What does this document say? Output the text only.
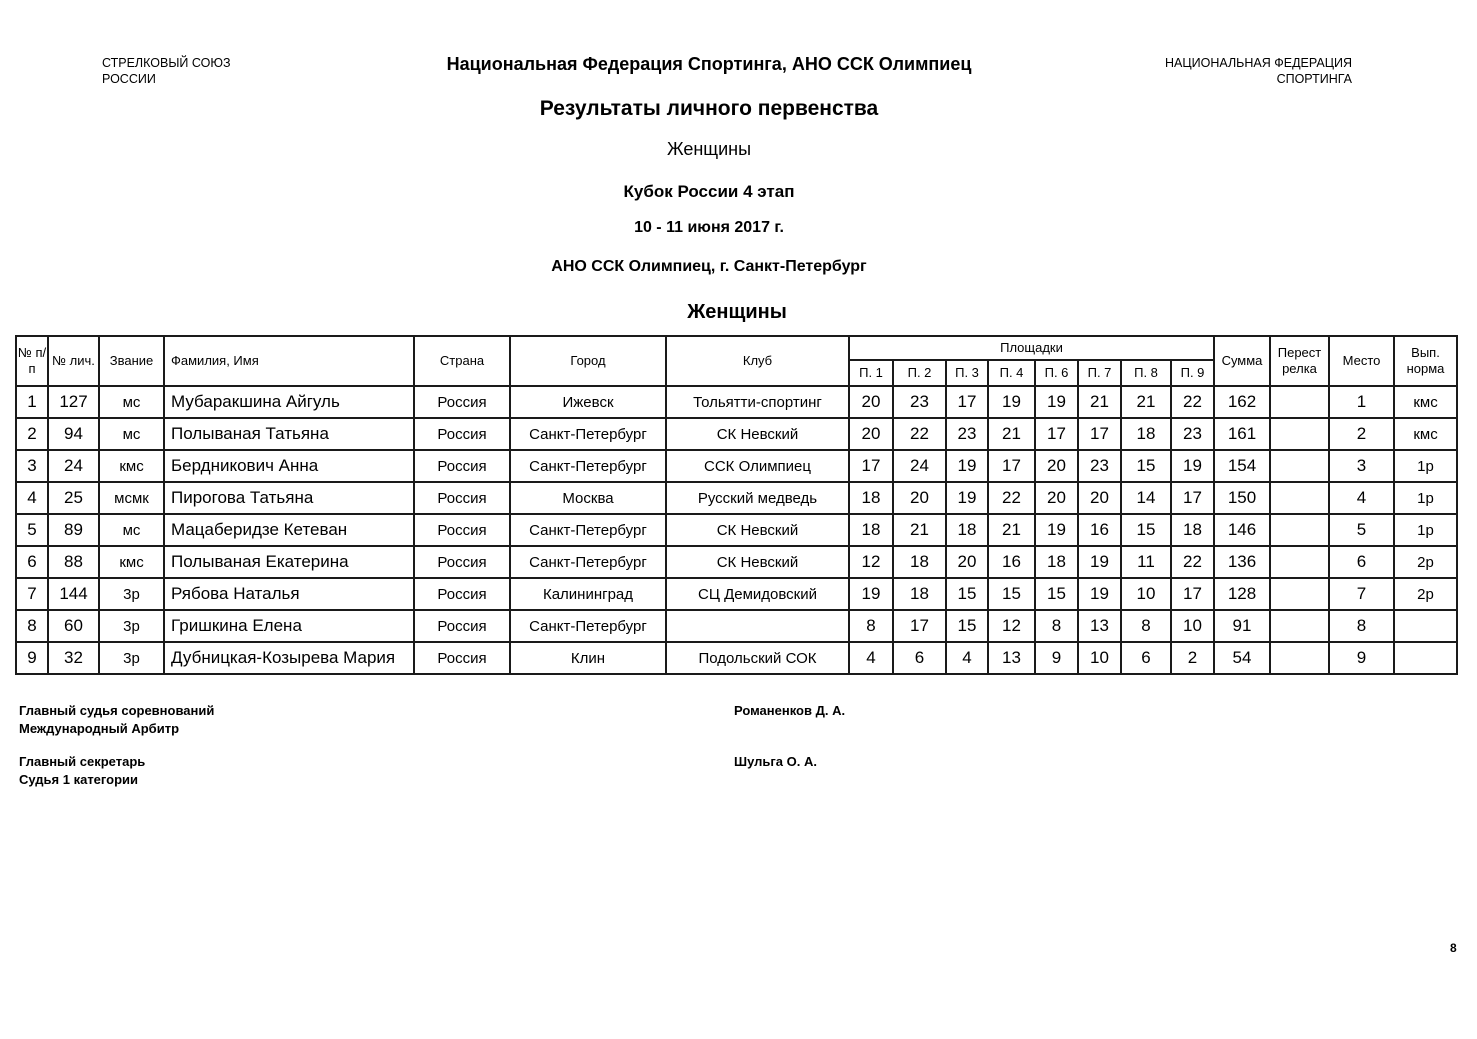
СТРЕЛКОВЫЙ СОЮЗ
РОССИИ
НАЦИОНАЛЬНАЯ ФЕДЕРАЦИЯ
СПОРТИНГА
Национальная Федерация Спортинга, АНО ССК Олимпиец
Результаты личного первенства
Женщины
Кубок России 4 этап
10 - 11 июня 2017 г.
АНО ССК Олимпиец, г. Санкт-Петербург
Женщины
№ п/п	№ лич.	Звание	Фамилия, Имя	Страна	Город	Клуб	Площадки								Сумма	Перест релка	Место	Вып. норма
							П. 1	П. 2	П. 3	П. 4	П. 6	П. 7	П. 8	П. 9				
1	127	мс	Мубаракшина Айгуль	Россия	Ижевск	Тольятти-спортинг	20	23	17	19	19	21	21	22	162		1	кмс
2	94	мс	Полываная Татьяна	Россия	Санкт-Петербург	СК Невский	20	22	23	21	17	17	18	23	161		2	кмс
3	24	кмс	Бердникович Анна	Россия	Санкт-Петербург	ССК Олимпиец	17	24	19	17	20	23	15	19	154		3	1р
4	25	мсмк	Пирогова Татьяна	Россия	Москва	Русский медведь	18	20	19	22	20	20	14	17	150		4	1р
5	89	мс	Мацаберидзе Кетеван	Россия	Санкт-Петербург	СК Невский	18	21	18	21	19	16	15	18	146		5	1р
6	88	кмс	Полываная Екатерина	Россия	Санкт-Петербург	СК Невский	12	18	20	16	18	19	11	22	136		6	2р
7	144	3р	Рябова Наталья	Россия	Калининград	СЦ Демидовский	19	18	15	15	15	19	10	17	128		7	2р
8	60	3р	Гришкина Елена	Россия	Санкт-Петербург		8	17	15	12	8	13	8	10	91		8	
9	32	3р	Дубницкая-Козырева Мария	Россия	Клин	Подольский СОК	4	6	4	13	9	10	6	2	54		9	
Главный судья соревнований
Международный Арбитр
Романенков Д. А.
Главный секретарь
Судья 1 категории
Шульга О. А.
8
